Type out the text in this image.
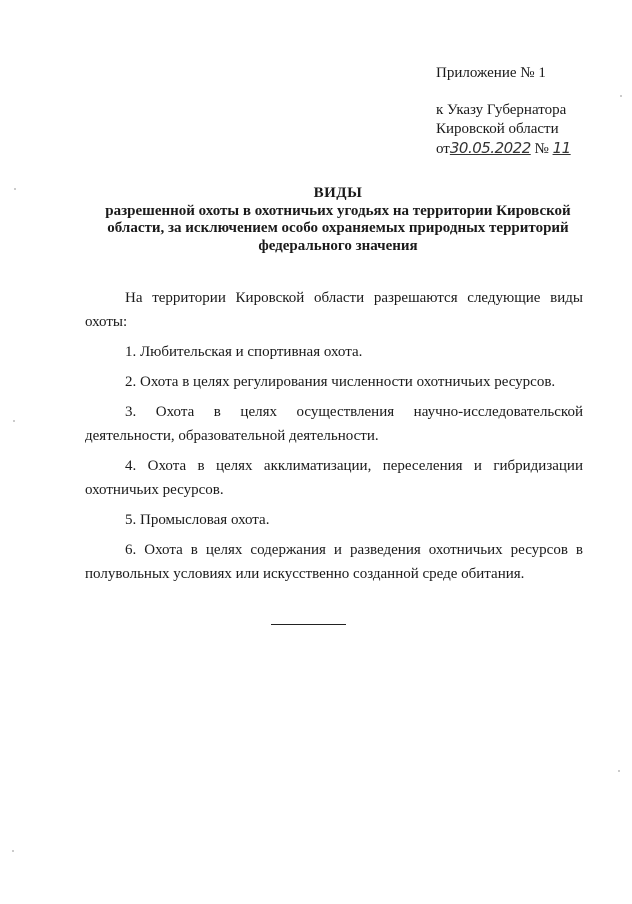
Приложение № 1
к Указу Губернатора
Кировской области
от30.05.2022 № 11
ВИДЫ
разрешенной охоты в охотничьих угодьях на территории Кировской
области, за исключением особо охраняемых природных территорий
федерального значения

На территории Кировской области разрешаются следующие виды охоты:

1. Любительская и спортивная охота.

2. Охота в целях регулирования численности охотничьих ресурсов.

3. Охота в целях осуществления научно-исследовательской деятельности, образовательной деятельности.

4. Охота в целях акклиматизации, переселения и гибридизации охотничьих ресурсов.

5. Промысловая охота.

6. Охота в целях содержания и разведения охотничьих ресурсов в полувольных условиях или искусственно созданной среде обитания.
